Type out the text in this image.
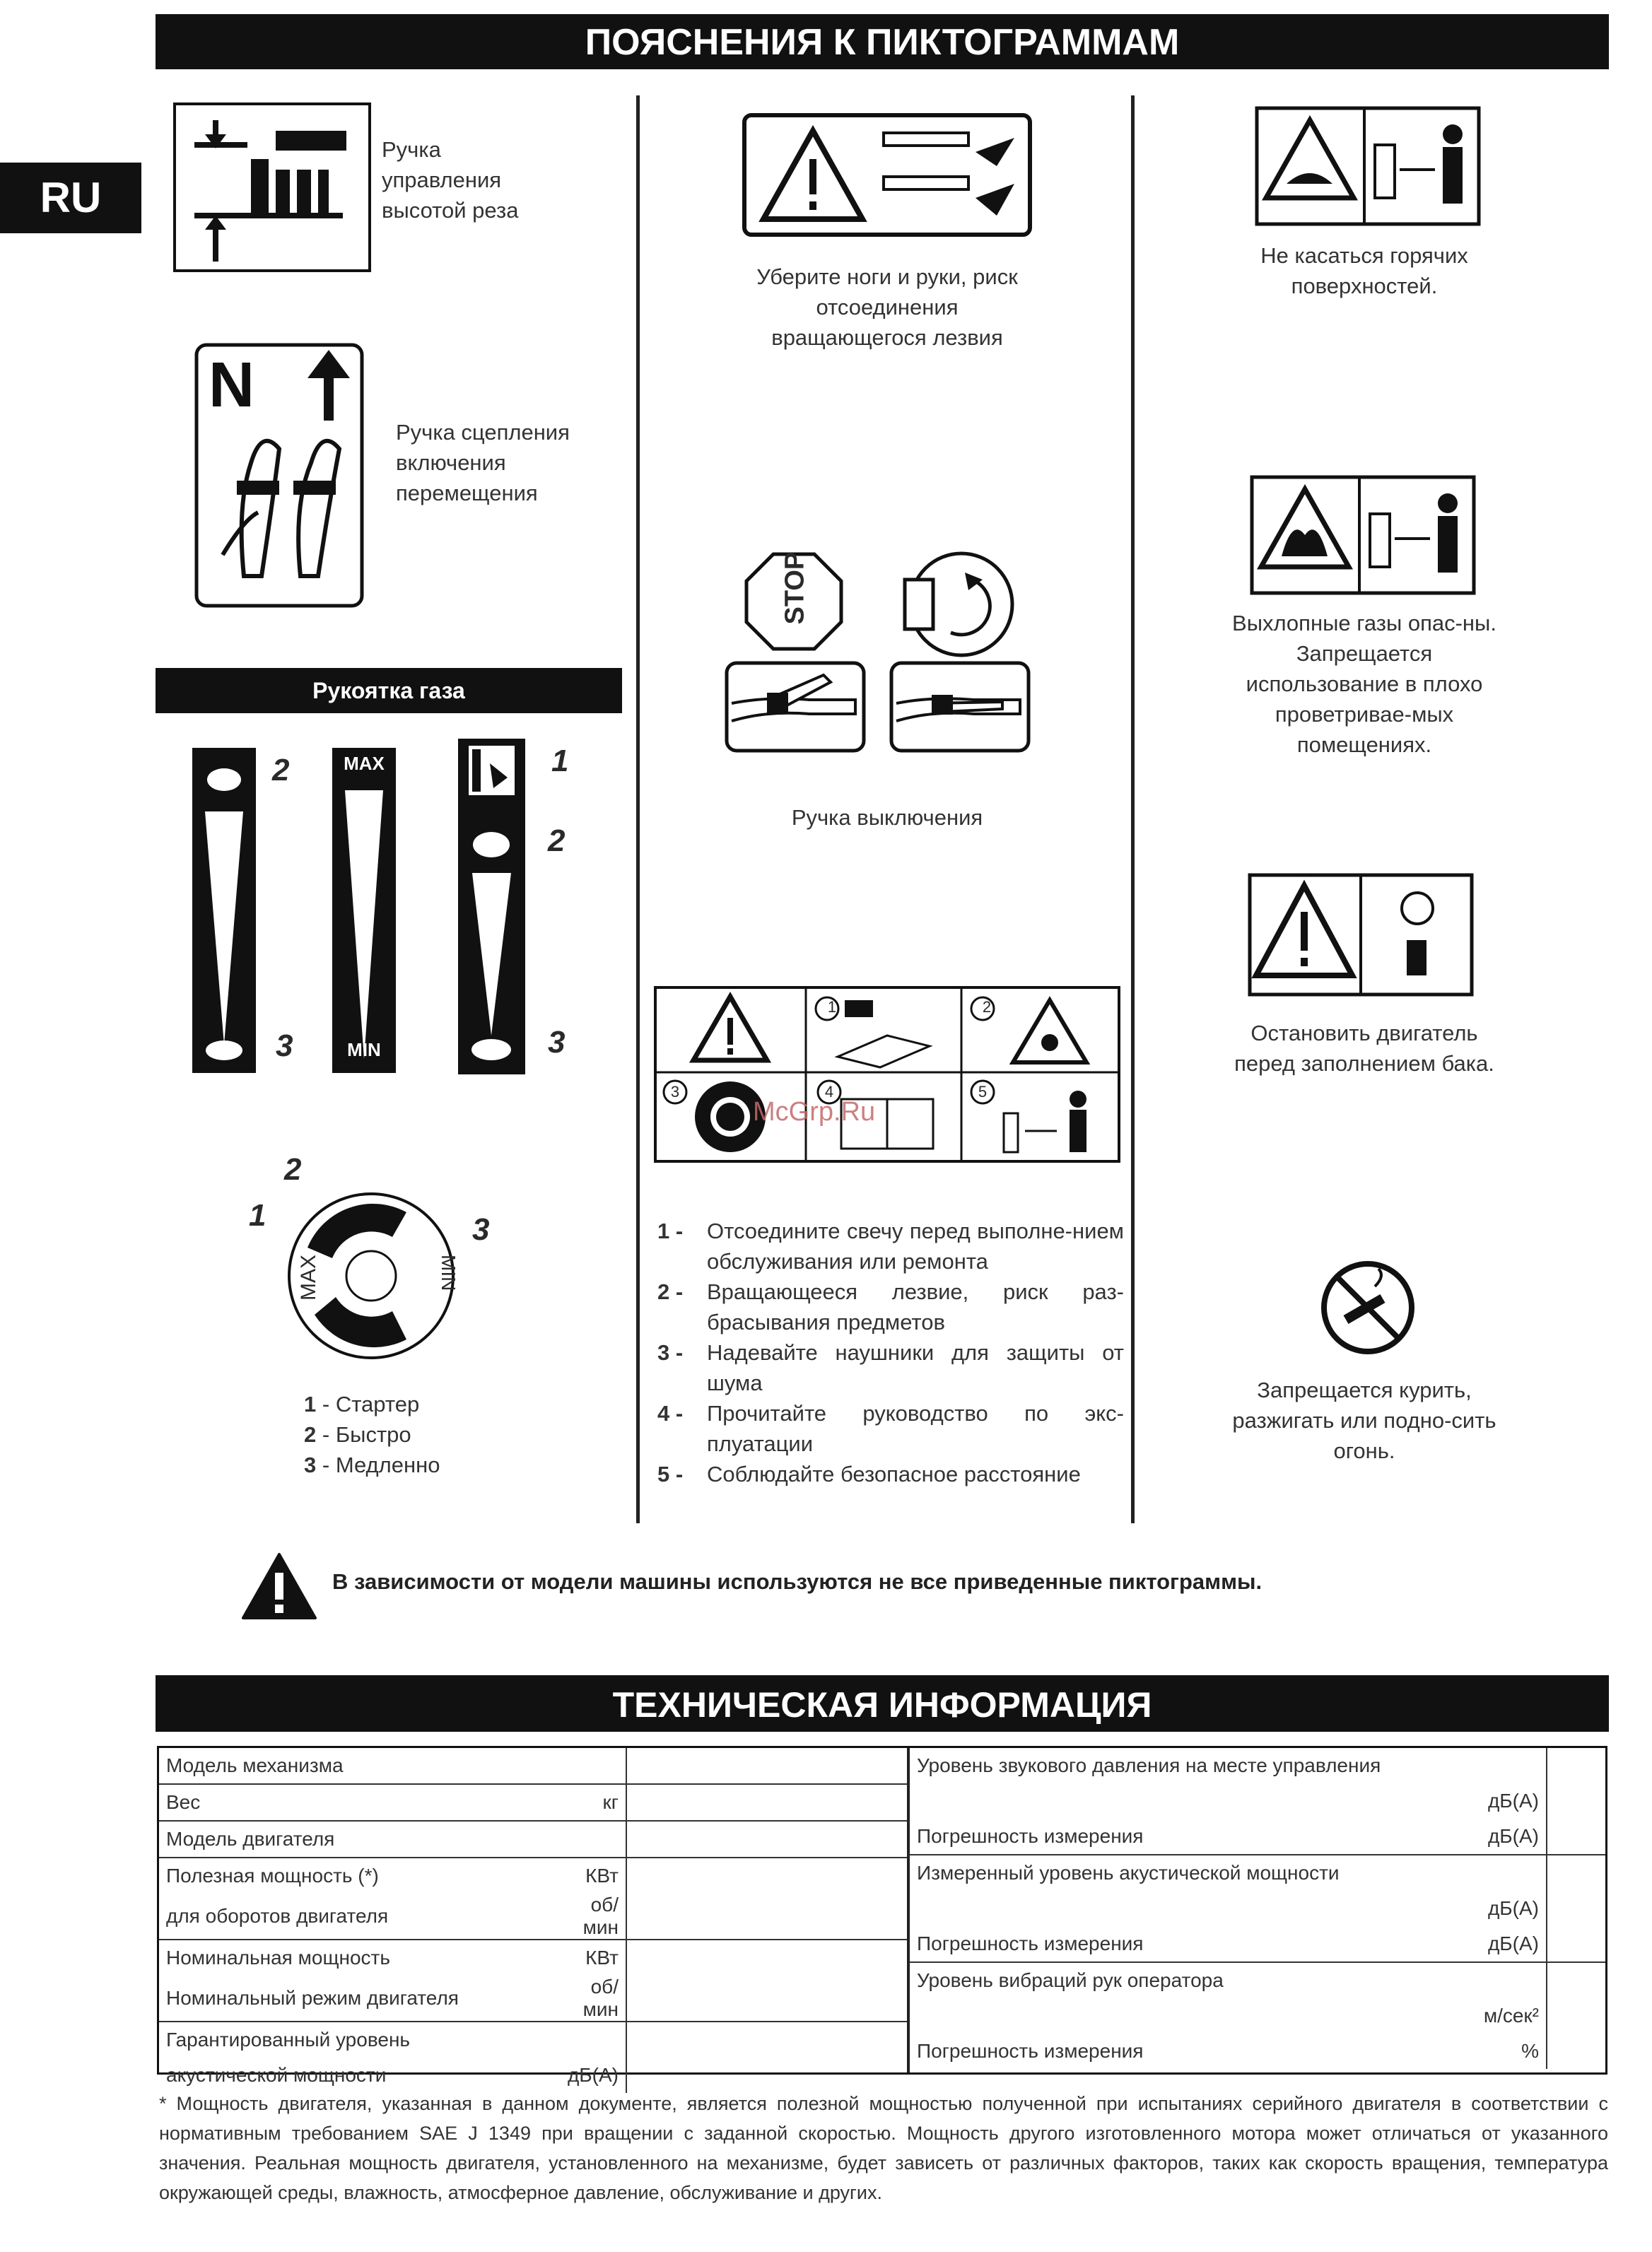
RU
ПОЯСНЕНИЯ К ПИКТОГРАММАМ
Ручка управления высотой реза
N
Ручка сцепления включения перемещения
Рукоятка газа
2
3
MAX
MIN
1
2
3
MAX	MIN
1
2
3
1 - Стартер
2 - Быстро
3 - Медленно
Уберите ноги и руки, риск отсоединения вращающегося лезвия
STOP
Ручка выключения
1	2
3	4	5
McGrp.Ru
1 -	Отсоедините свечу перед выполне-нием обслуживания или ремонта
2 -	Вращающееся лезвие, риск раз-брасывания предметов
3 -	Надевайте наушники для защиты от шума
4 -	Прочитайте руководство по экс-плуатации
5 -	Соблюдайте безопасное расстояние
Не касаться горячих поверхностей.
Выхлопные газы опас-ны. Запрещается использование в плохо проветривае-мых помещениях.
Остановить двигатель перед заполнением бака.
Запрещается курить, разжигать или подно-сить огонь.
В зависимости от модели машины используются не все приведенные пиктограммы.
ТЕХНИЧЕСКАЯ ИНФОРМАЦИЯ
Модель механизма		
Вес	кг	
Модель двигателя		
Полезная мощность (*)	КВт	
для оборотов двигателя	об/мин	
Номинальная мощность	КВт	
Номинальный режим двигателя	об/мин	
Гарантированный уровень		
акустической мощности	дБ(А)	
Уровень звукового давления на месте управления		
	дБ(А)	
Погрешность измерения	дБ(А)	
Измеренный уровень акустической мощности		
	дБ(А)	
Погрешность измерения	дБ(А)	
Уровень вибраций рук оператора		
	м/сек²	
Погрешность измерения	%	
* Мощность двигателя, указанная в данном документе, является полезной мощностью полученной при испытаниях серийного двигателя в соответствии с нормативным требованием SAE J 1349 при вращении с заданной скоростью. Мощность другого изготовленного мотора может отличаться от указанного значения. Реальная мощность двигателя, установленного на механизме, будет зависеть от различных факторов, таких как скорость вращения, температура окружающей среды, влажность, атмосферное давление, обслуживание и других.
